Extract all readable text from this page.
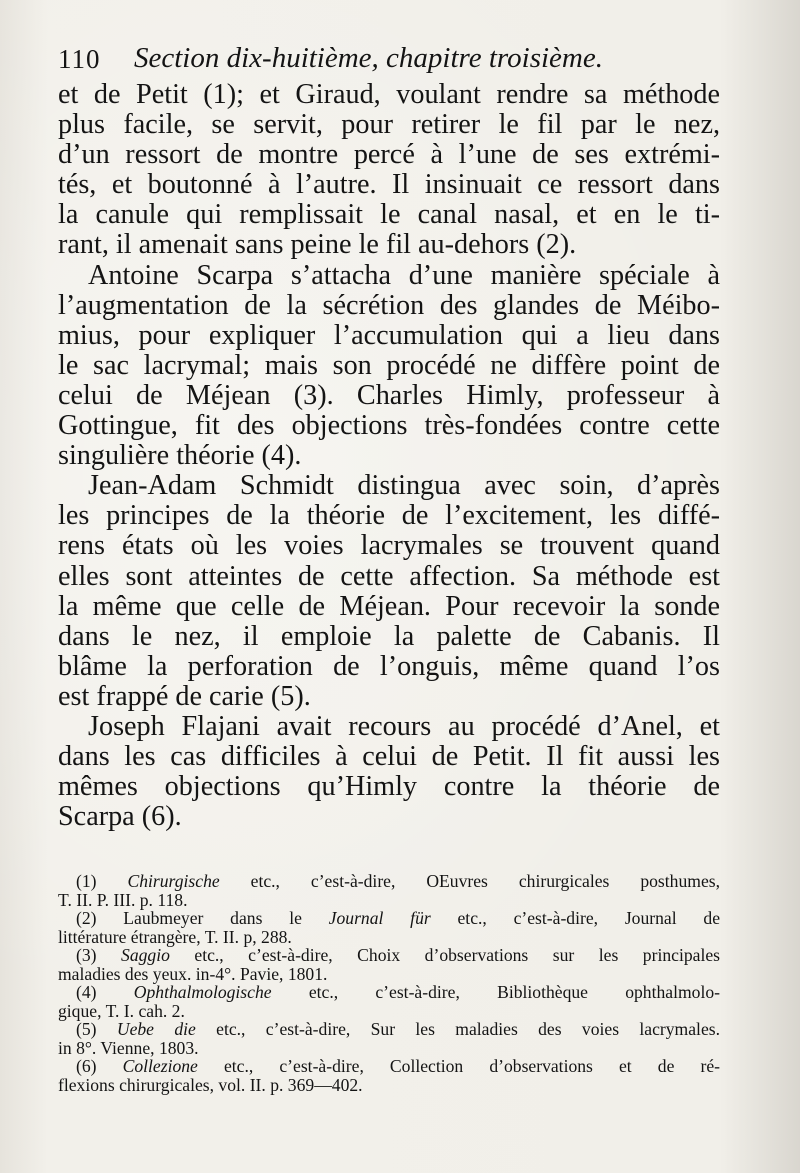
110 Section dix-huitième, chapitre troisième.
et de Petit (1); et Giraud, voulant rendre sa méthode
plus facile, se servit, pour retirer le fil par le nez,
d’un ressort de montre percé à l’une de ses extrémi-
tés, et boutonné à l’autre. Il insinuait ce ressort dans
la canule qui remplissait le canal nasal, et en le ti-
rant, il amenait sans peine le fil au-dehors (2).
Antoine Scarpa s’attacha d’une manière spéciale à
l’augmentation de la sécrétion des glandes de Méibo-
mius, pour expliquer l’accumulation qui a lieu dans
le sac lacrymal; mais son procédé ne diffère point de
celui de Méjean (3). Charles Himly, professeur à
Gottingue, fit des objections très-fondées contre cette
singulière théorie (4).
Jean-Adam Schmidt distingua avec soin, d’après
les principes de la théorie de l’excitement, les diffé-
rens états où les voies lacrymales se trouvent quand
elles sont atteintes de cette affection. Sa méthode est
la même que celle de Méjean. Pour recevoir la sonde
dans le nez, il emploie la palette de Cabanis. Il
blâme la perforation de l’onguis, même quand l’os
est frappé de carie (5).
Joseph Flajani avait recours au procédé d’Anel, et
dans les cas difficiles à celui de Petit. Il fit aussi les
mêmes objections qu’Himly contre la théorie de
Scarpa (6).
(1) Chirurgische etc., c’est-à-dire, OEuvres chirurgicales posthumes,
T. II. P. III. p. 118.
(2) Laubmeyer dans le Journal für etc., c’est-à-dire, Journal de
littérature étrangère, T. II. p, 288.
(3) Saggio etc., c’est-à-dire, Choix d’observations sur les principales
maladies des yeux. in-4°. Pavie, 1801.
(4) Ophthalmologische etc., c’est-à-dire, Bibliothèque ophthalmolo-
gique, T. I. cah. 2.
(5) Uebe die etc., c’est-à-dire, Sur les maladies des voies lacrymales.
in 8°. Vienne, 1803.
(6) Collezione etc., c’est-à-dire, Collection d’observations et de ré-
flexions chirurgicales, vol. II. p. 369—402.
